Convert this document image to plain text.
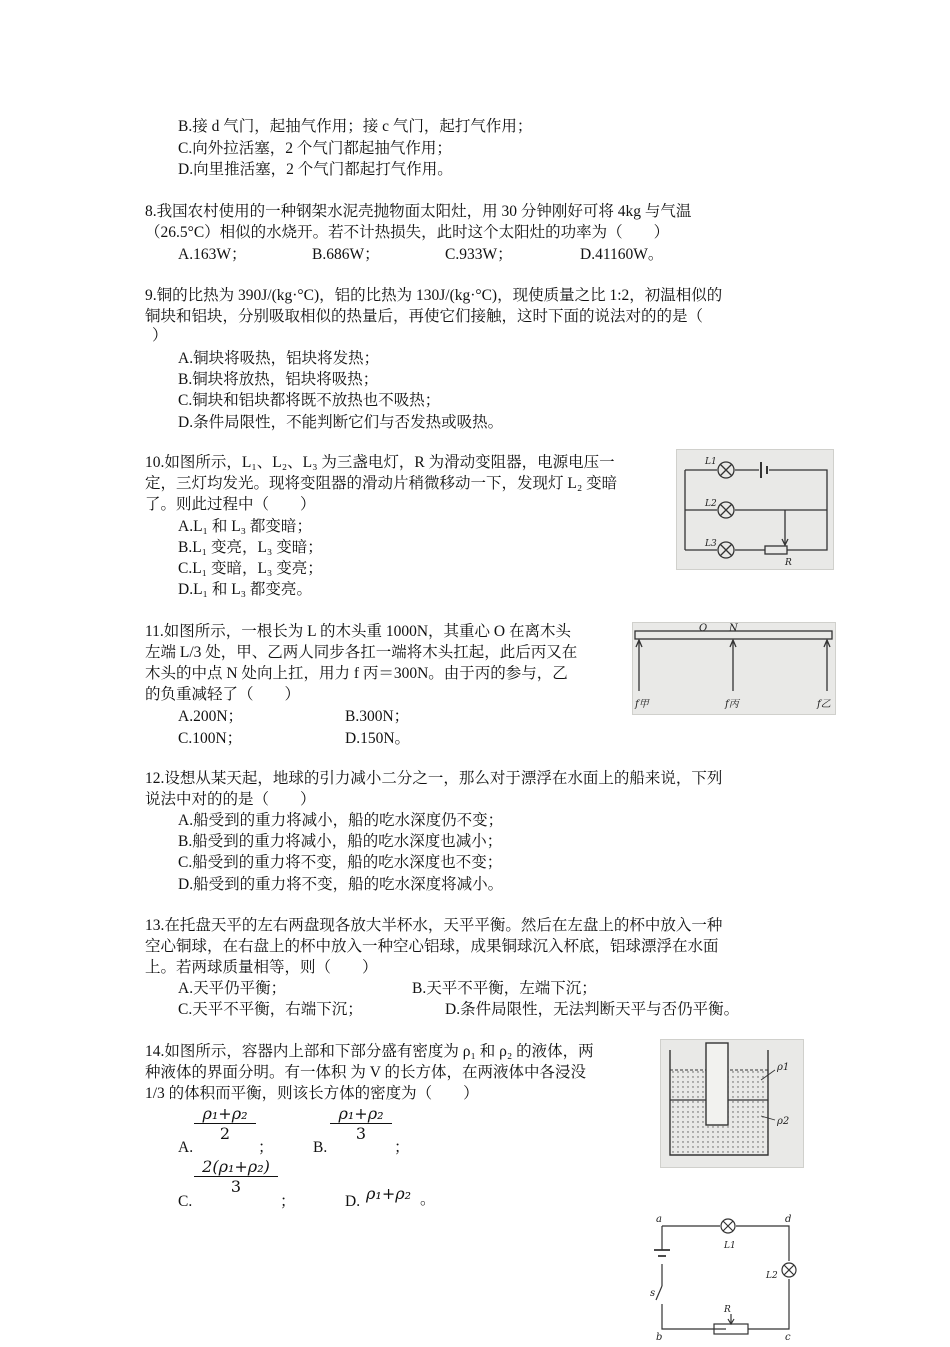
B.接 d 气门，起抽气作用；接 c 气门，起打气作用；
C.向外拉活塞，2 个气门都起抽气作用；
D.向里推活塞，2 个气门都起打气作用。
8.我国农村使用的一种钢架水泥壳抛物面太阳灶，用 30 分钟刚好可将 4kg 与气温
（26.5°C）相似的水烧开。若不计热损失，此时这个太阳灶的功率为（　　）
A.163W；	B.686W；	C.933W；	D.41160W。
9.铜的比热为 390J/(kg·°C)，铝的比热为 130J/(kg·°C)，现使质量之比 1:2，初温相似的
铜块和铝块，分别吸取相似的热量后，再使它们接触，这时下面的说法对的的是（
）
A.铜块将吸热，铝块将发热；
B.铜块将放热，铝块将吸热；
C.铜块和铝块都将既不放热也不吸热；
D.条件局限性，不能判断它们与否发热或吸热。
10.如图所示，L₁、L₂、L₃ 为三盏电灯，R 为滑动变阻器，电源电压一
定，三灯均发光。现将变阻器的滑动片稍微移动一下，发现灯 L₂ 变暗
了。则此过程中（　　）
A.L₁ 和 L₃ 都变暗；
B.L₁ 变亮，L₃ 变暗；
C.L₁ 变暗，L₃ 变亮；
D.L₁ 和 L₃ 都变亮。
L1
L2
L3
R
11.如图所示，一根长为 L 的木头重 1000N，其重心 O 在离木头
左端 L/3 处，甲、乙两人同步各扛一端将木头扛起，此后丙又在
木头的中点 N 处向上扛，用力 f 丙＝300N。由于丙的参与，乙
的负重减轻了（　　）
A.200N；	B.300N；
C.100N；	D.150N。
O N
f甲	f丙	f乙
12.设想从某天起，地球的引力减小二分之一，那么对于漂浮在水面上的船来说，下列
说法中对的的是（　　）
A.船受到的重力将减小，船的吃水深度仍不变；
B.船受到的重力将减小，船的吃水深度也减小；
C.船受到的重力将不变，船的吃水深度也不变；
D.船受到的重力将不变，船的吃水深度将减小。
13.在托盘天平的左右两盘现各放大半杯水，天平平衡。然后在左盘上的杯中放入一种
空心铜球，在右盘上的杯中放入一种空心铝球，成果铜球沉入杯底，铝球漂浮在水面
上。若两球质量相等，则（　　）
A.天平仍平衡；	B.天平不平衡，左端下沉；
C.天平不平衡，右端下沉；	D.条件局限性，无法判断天平与否仍平衡。
14.如图所示，容器内上部和下部分盛有密度为 ρ₁ 和 ρ₂ 的液体，两
种液体的界面分明。有一体积 为 V 的长方体，在两液体中各浸没
1/3 的体积而平衡，则该长方体的密度为（　　）
A.
$\frac{\text{ρ₁+ρ₂}}{2}$
；	B.
$\frac{\text{ρ₁+ρ₂}}{3}$
；
C.
$\frac{\text{2(ρ₁+ρ₂)}}{3}$
；	D. ρ₁+ρ₂ 。
ρ1
ρ2
a	d
s
L1
L2
R
b	c
